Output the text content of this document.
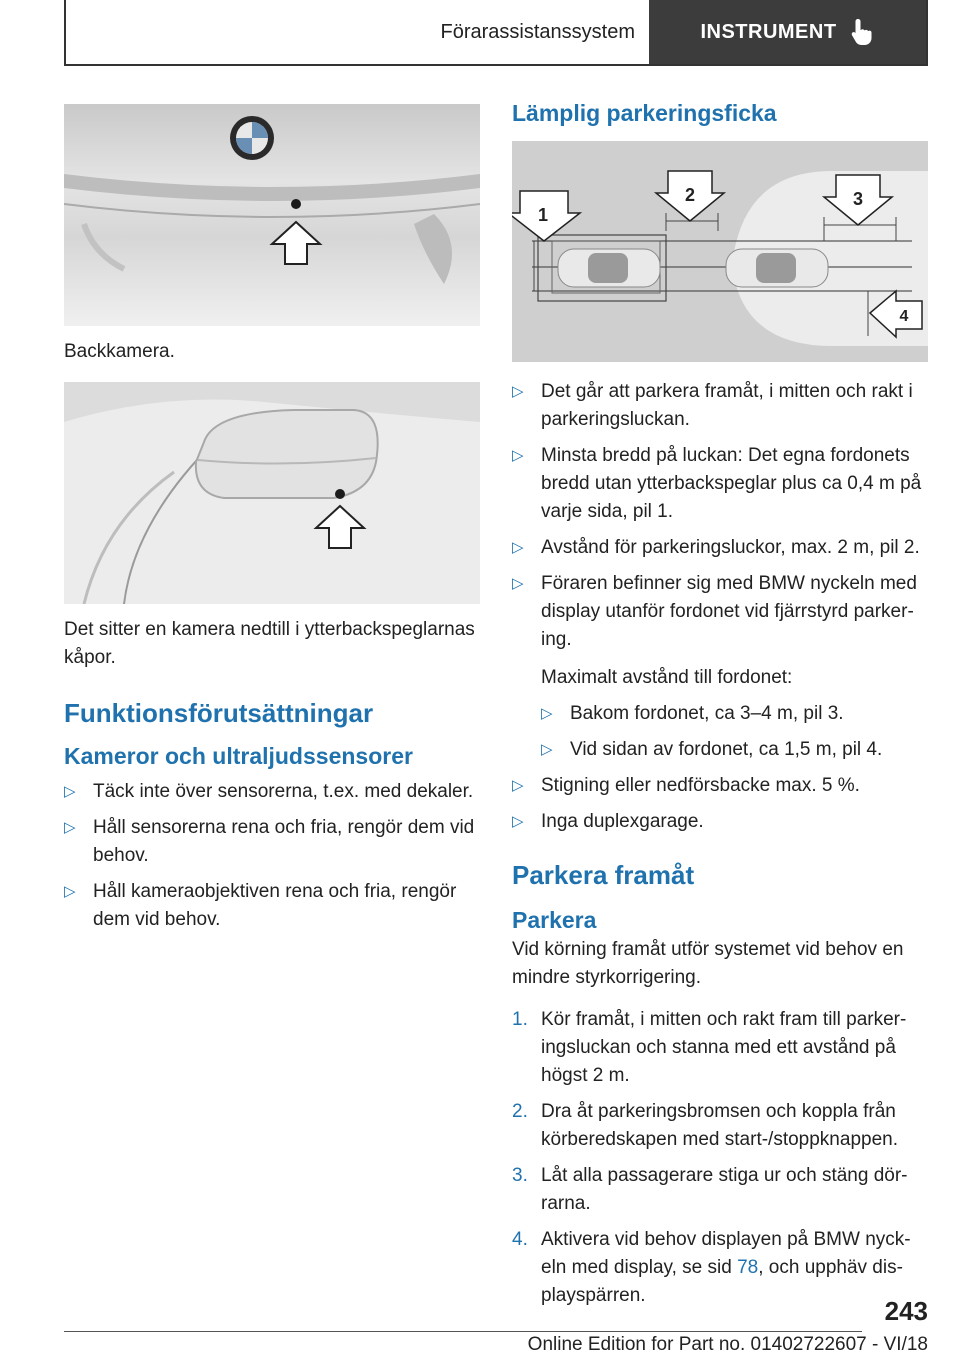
Förarassistanssystem	INSTRUMENT
Backkamera.
Det sitter en kamera nedtill i ytterbackspeglarnas kåpor.
Funktionsförutsättningar
Kameror och ultraljudssensorer
▷ Täck inte över sensorerna, t.ex. med dekaler.
▷ Håll sensorerna rena och fria, rengör dem vid behov.
▷ Håll kameraobjektiven rena och fria, rengör dem vid behov.
Lämplig parkeringsficka
1
2	3
4
▷ Det går att parkera framåt, i mitten och rakt i parkeringsluckan.
▷ Minsta bredd på luckan: Det egna fordonets bredd utan ytterbackspeglar plus ca 0,4 m på varje sida, pil 1.
▷ Avstånd för parkeringsluckor, max. 2 m, pil 2.
▷ Föraren befinner sig med BMW nyckeln med display utanför fordonet vid fjärrstyrd parker‐ing.
Maximalt avstånd till fordonet:
▷ Bakom fordonet, ca 3–4 m, pil 3.
▷ Vid sidan av fordonet, ca 1,5 m, pil 4.
▷ Stigning eller nedförsbacke max. 5 %.
▷ Inga duplexgarage.
Parkera framåt
Parkera
Vid körning framåt utför systemet vid behov en mindre styrkorrigering.
1. Kör framåt, i mitten och rakt fram till parker‐ingsluckan och stanna med ett avstånd på högst 2 m.
2. Dra åt parkeringsbromsen och koppla från körberedskapen med start-/stoppknappen.
3. Låt alla passagerare stiga ur och stäng dör‐rarna.
4. Aktivera vid behov displayen på BMW nyck‐eln med display, se sid 78, och upphäv dis‐playspärren.
243
Online Edition for Part no. 01402722607 - VI/18
